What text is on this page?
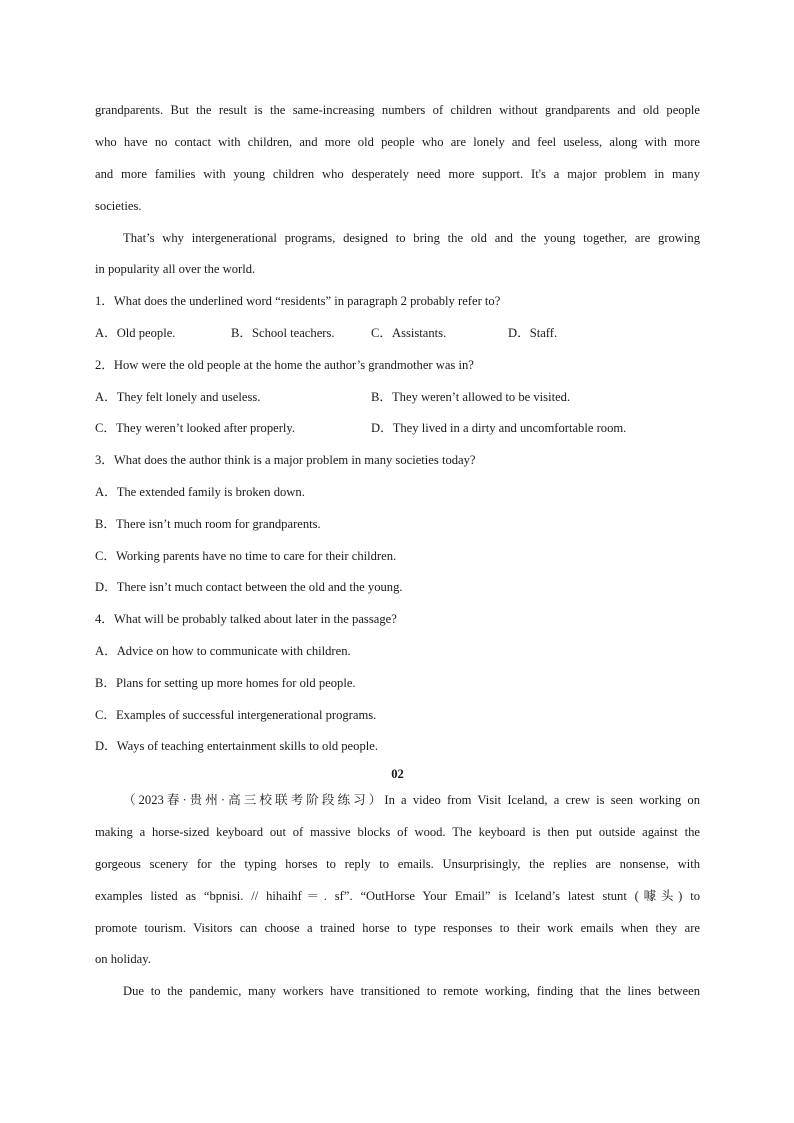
grandparents. But the result is the same-increasing numbers of children without grandparents and old people
who have no contact with children, and more old people who are lonely and feel useless, along with more
and more families with young children who desperately need more support. It's a major problem in many
societies.
That’s why intergenerational programs, designed to bring the old and the young together, are growing
in popularity all over the world.
1．What does the underlined word “residents” in paragraph 2 probably refer to?
A．Old people.	B．School teachers.	C．Assistants.	D．Staff.
2．How were the old people at the home the author’s grandmother was in?
A．They felt lonely and useless.	B．They weren’t allowed to be visited.
C．They weren’t looked after properly.	D．They lived in a dirty and uncomfortable room.
3．What does the author think is a major problem in many societies today?
A．The extended family is broken down.
B．There isn’t much room for grandparents.
C．Working parents have no time to care for their children.
D．There isn’t much contact between the old and the young.
4．What will be probably talked about later in the passage?
A．Advice on how to communicate with children.
B．Plans for setting up more homes for old people.
C．Examples of successful intergenerational programs.
D．Ways of teaching entertainment skills to old people.
02
（2023春·贵州·高三校联考阶段练习）In a video from Visit Iceland, a crew is seen working on
making a horse-sized keyboard out of massive blocks of wood. The keyboard is then put outside against the
gorgeous scenery for the typing horses to reply to emails. Unsurprisingly, the replies are nonsense, with
examples listed as “bpnisi. // hihaihf＝. sf”. “OutHorse Your Email” is Iceland’s latest stunt (噱头) to
promote tourism. Visitors can choose a trained horse to type responses to their work emails when they are
on holiday.
Due to the pandemic, many workers have transitioned to remote working, finding that the lines between
